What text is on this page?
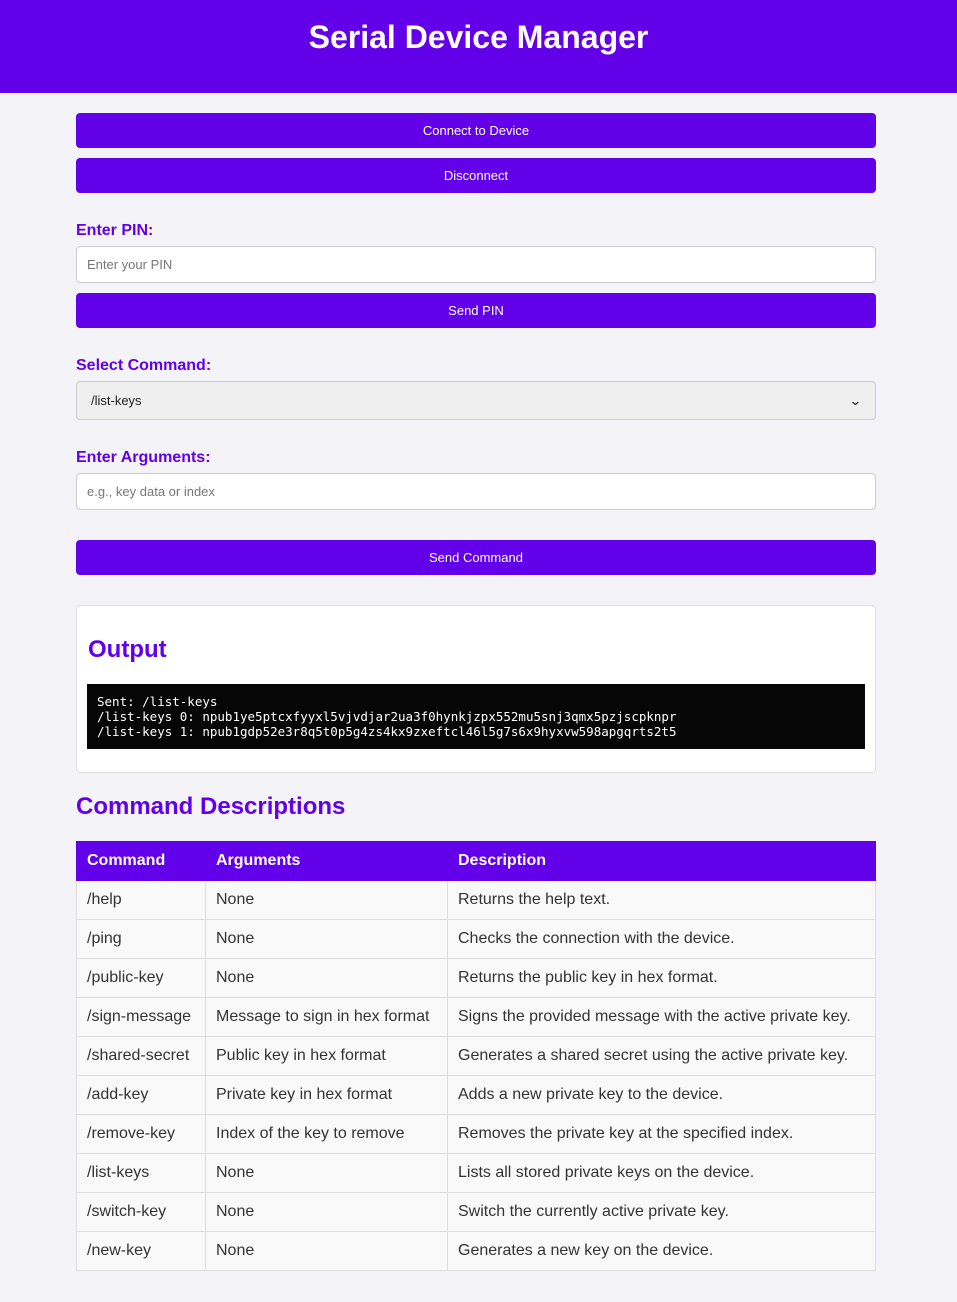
Serial Device Manager
Connect to Device
Disconnect
Enter PIN:
Enter your PIN
Send PIN
Select Command:
/list-keys	⌄
Enter Arguments:
e.g., key data or index
Send Command
Output
Sent: /list-keys
/list-keys 0: npub1ye5ptcxfyyxl5vjvdjar2ua3f0hynkjzpx552mu5snj3qmx5pzjscpknpr
/list-keys 1: npub1gdp52e3r8q5t0p5g4zs4kx9zxeftcl46l5g7s6x9hyxvw598apgqrts2t5
Command Descriptions
Command	Arguments	Description
/help	None	Returns the help text.
/ping	None	Checks the connection with the device.
/public-key	None	Returns the public key in hex format.
/sign-message	Message to sign in hex format	Signs the provided message with the active private key.
/shared-secret	Public key in hex format	Generates a shared secret using the active private key.
/add-key	Private key in hex format	Adds a new private key to the device.
/remove-key	Index of the key to remove	Removes the private key at the specified index.
/list-keys	None	Lists all stored private keys on the device.
/switch-key	None	Switch the currently active private key.
/new-key	None	Generates a new key on the device.
